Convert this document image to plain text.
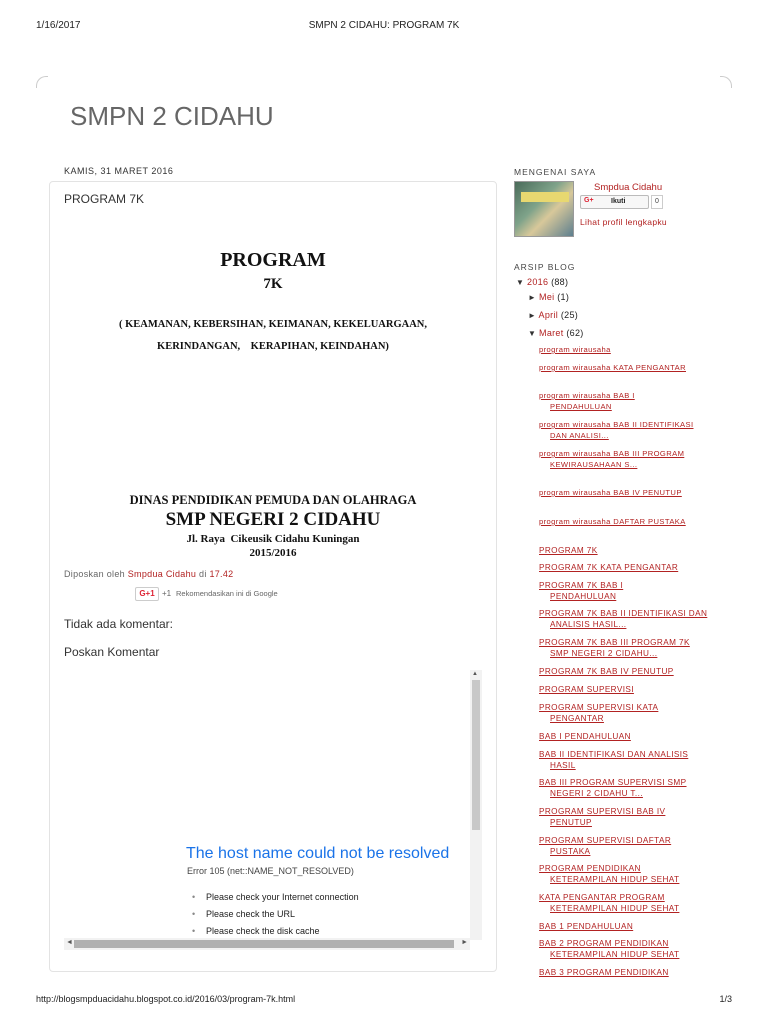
1/16/2017	SMPN 2 CIDAHU: PROGRAM 7K
SMPN 2 CIDAHU
KAMIS, 31 MARET 2016
PROGRAM 7K
PROGRAM
7K
( KEAMANAN, KEBERSIHAN, KEIMANAN, KEKELUARGAAN,
KERINDANGAN,    KERAPIHAN, KEINDAHAN)
DINAS PENDIDIKAN PEMUDA DAN OLAHRAGA
SMP NEGERI 2 CIDAHU
Jl. Raya  Cikeusik Cidahu Kuningan
2015/2016
Diposkan oleh Smpdua Cidahu di 17.42
G+1 +1 Rekomendasikan ini di Google
Tidak ada komentar:
Poskan Komentar
▲
◄	►
The host name could not be resolved
Error 105 (net::NAME_NOT_RESOLVED)
• Please check your Internet connection
• Please check the URL
• Please check the disk cache
MENGENAI SAYA
Smpdua Cidahu
G+ Ikuti	0
Lihat profil lengkapku
ARSIP BLOG
▼ 2016 (88)
► Mei (1)
► April (25)
▼ Maret (62)
program wirausaha
program wirausaha KATA PENGANTAR
program wirausaha BAB I PENDAHULUAN
program wirausaha BAB II IDENTIFIKASI DAN ANALISI...
program wirausaha BAB III PROGRAM KEWIRAUSAHAAN S...
program wirausaha BAB IV PENUTUP
program wirausaha DAFTAR PUSTAKA
PROGRAM 7K
PROGRAM 7K KATA PENGANTAR
PROGRAM 7K BAB I PENDAHULUAN
PROGRAM 7K BAB II IDENTIFIKASI DAN ANALISIS HASIL...
PROGRAM 7K BAB III PROGRAM 7K SMP NEGERI 2 CIDAHU...
PROGRAM 7K BAB IV PENUTUP
PROGRAM SUPERVISI
PROGRAM SUPERVISI KATA PENGANTAR
BAB I PENDAHULUAN
BAB II IDENTIFIKASI DAN ANALISIS HASIL
BAB III PROGRAM SUPERVISI SMP NEGERI 2 CIDAHU T...
PROGRAM SUPERVISI BAB IV PENUTUP
PROGRAM SUPERVISI DAFTAR PUSTAKA
PROGRAM PENDIDIKAN KETERAMPILAN HIDUP SEHAT
KATA PENGANTAR PROGRAM KETERAMPILAN HIDUP SEHAT
BAB 1 PENDAHULUAN
BAB 2 PROGRAM PENDIDIKAN KETERAMPILAN HIDUP SEHAT
BAB 3 PROGRAM PENDIDIKAN
http://blogsmpduacidahu.blogspot.co.id/2016/03/program-7k.html	1/3
